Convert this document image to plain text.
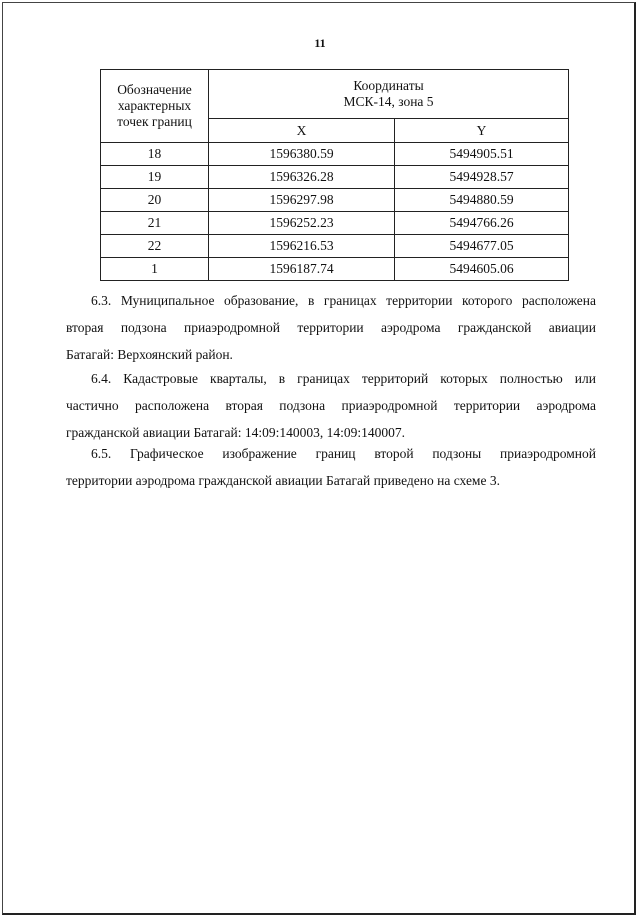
11
Обозначение
характерных
точек границ	Координаты
МСК-14, зона 5	
	X	Y
18	1596380.59	5494905.51
19	1596326.28	5494928.57
20	1596297.98	5494880.59
21	1596252.23	5494766.26
22	1596216.53	5494677.05
1	1596187.74	5494605.06
6.3. Муниципальное образование, в границах территории которого расположена
вторая подзона приаэродромной территории аэродрома гражданской авиации
Батагай: Верхоянский район.
6.4. Кадастровые кварталы, в границах территорий которых полностью или
частично расположена вторая подзона приаэродромной территории аэродрома
гражданской авиации Батагай: 14:09:140003, 14:09:140007.
6.5. Графическое изображение границ второй подзоны приаэродромной
территории аэродрома гражданской авиации Батагай приведено на схеме 3.
